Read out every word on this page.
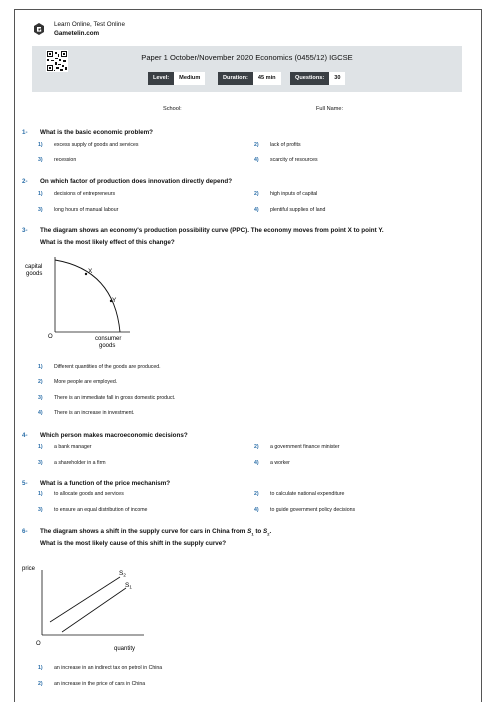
Learn Online, Test Online
Gametelin.com
Paper 1 October/November 2020 Economics (0455/12) IGCSE
Level:	Medium	Duration:	45 min	Questions:	30
School:	Full Name:
1- What is the basic economic problem?
1) excess supply of goods and services	2) lack of profits
3) recession	4) scarcity of resources
2- On which factor of production does innovation directly depend?
1) decisions of entrepreneurs	2) high inputs of capital
3) long hours of manual labour	4) plentiful supplies of land
3- The diagram shows an economy's production possibility curve (PPC). The economy moves from point X to point Y.
What is the most likely effect of this change?
X
Y
capital
goods
O	consumer
goods
1) Different quantities of the goods are produced.
2) More people are employed.
3) There is an immediate fall in gross domestic product.
4) There is an increase in investment.
4- Which person makes macroeconomic decisions?
1) a bank manager	2) a government finance minister
3) a shareholder in a firm	4) a worker
5- What is a function of the price mechanism?
1) to allocate goods and services	2) to calculate national expenditure
3) to ensure an equal distribution of income	4) to guide government policy decisions
6- The diagram shows a shift in the supply curve for cars in China from $S_1$ to $S_2$.
What is the most likely cause of this shift in the supply curve?
price
O
quantity
$S_2$
$S_1$
1) an increase in an indirect tax on petrol in China
2) an increase in the price of cars in China
